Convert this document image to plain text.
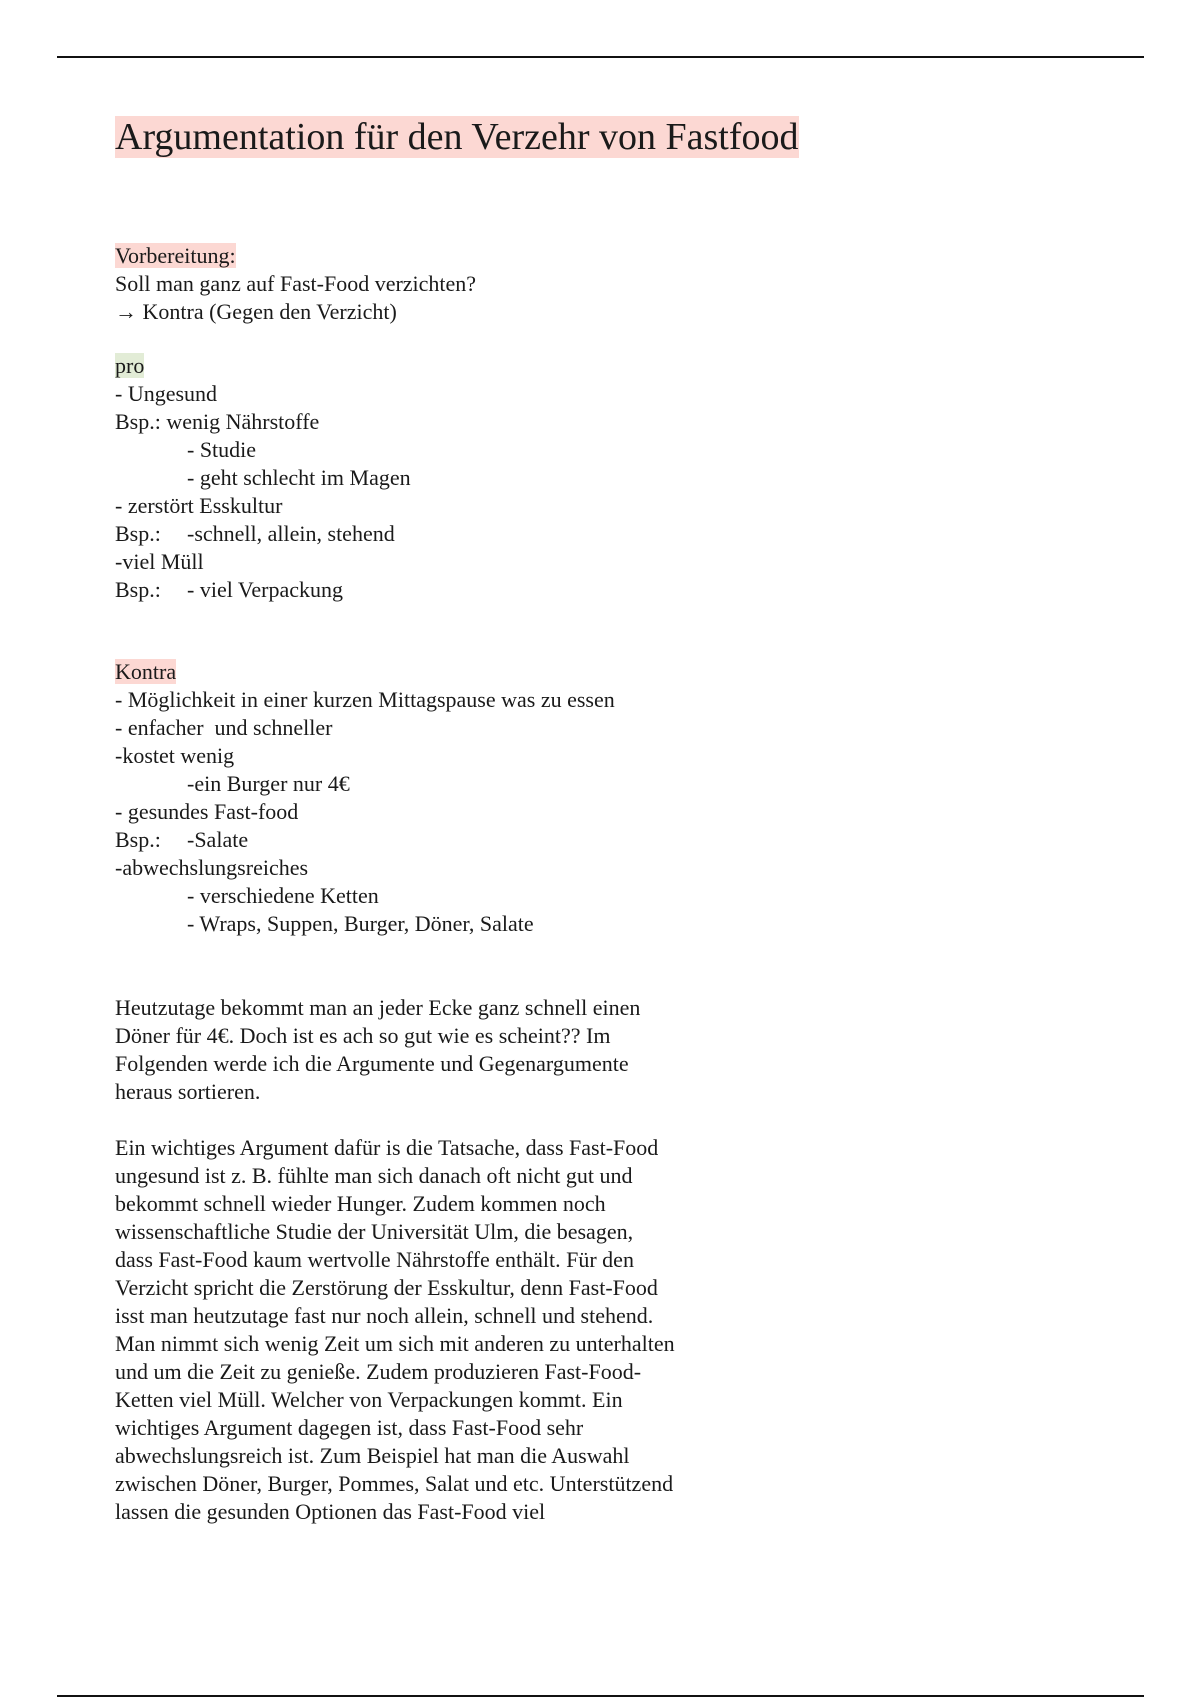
Argumentation für den Verzehr von Fastfood
Vorbereitung:
Soll man ganz auf Fast-Food verzichten?
→ Kontra (Gegen den Verzicht)
pro
- Ungesund
Bsp.: wenig Nährstoffe
- Studie
- geht schlecht im Magen
- zerstört Esskultur
Bsp.: -schnell, allein, stehend
-viel Müll
Bsp.: - viel Verpackung
Kontra
- Möglichkeit in einer kurzen Mittagspause was zu essen
- enfacher  und schneller
-kostet wenig
-ein Burger nur 4€
- gesundes Fast-food
Bsp.: -Salate
-abwechslungsreiches
- verschiedene Ketten
- Wraps, Suppen, Burger, Döner, Salate

Heutzutage bekommt man an jeder Ecke ganz schnell einen Döner für 4€. Doch ist es ach so gut wie es scheint?? Im Folgenden werde ich die Argumente und Gegenargumente heraus sortieren.

Ein wichtiges Argument dafür is die Tatsache, dass Fast-Food ungesund ist z. B. fühlte man sich danach oft nicht gut und bekommt schnell wieder Hunger. Zudem kommen noch wissenschaftliche Studie der Universität Ulm, die besagen, dass Fast-Food kaum wertvolle Nährstoffe enthält. Für den Verzicht spricht die Zerstörung der Esskultur, denn Fast-Food isst man heutzutage fast nur noch allein, schnell und stehend. Man nimmt sich wenig Zeit um sich mit anderen zu unterhalten und um die Zeit zu genieße. Zudem produzieren Fast-Food-Ketten viel Müll. Welcher von Verpackungen kommt. Ein wichtiges Argument dagegen ist, dass Fast-Food sehr abwechslungsreich ist. Zum Beispiel hat man die Auswahl zwischen Döner, Burger, Pommes, Salat und etc. Unterstützend lassen die gesunden Optionen das Fast-Food viel
